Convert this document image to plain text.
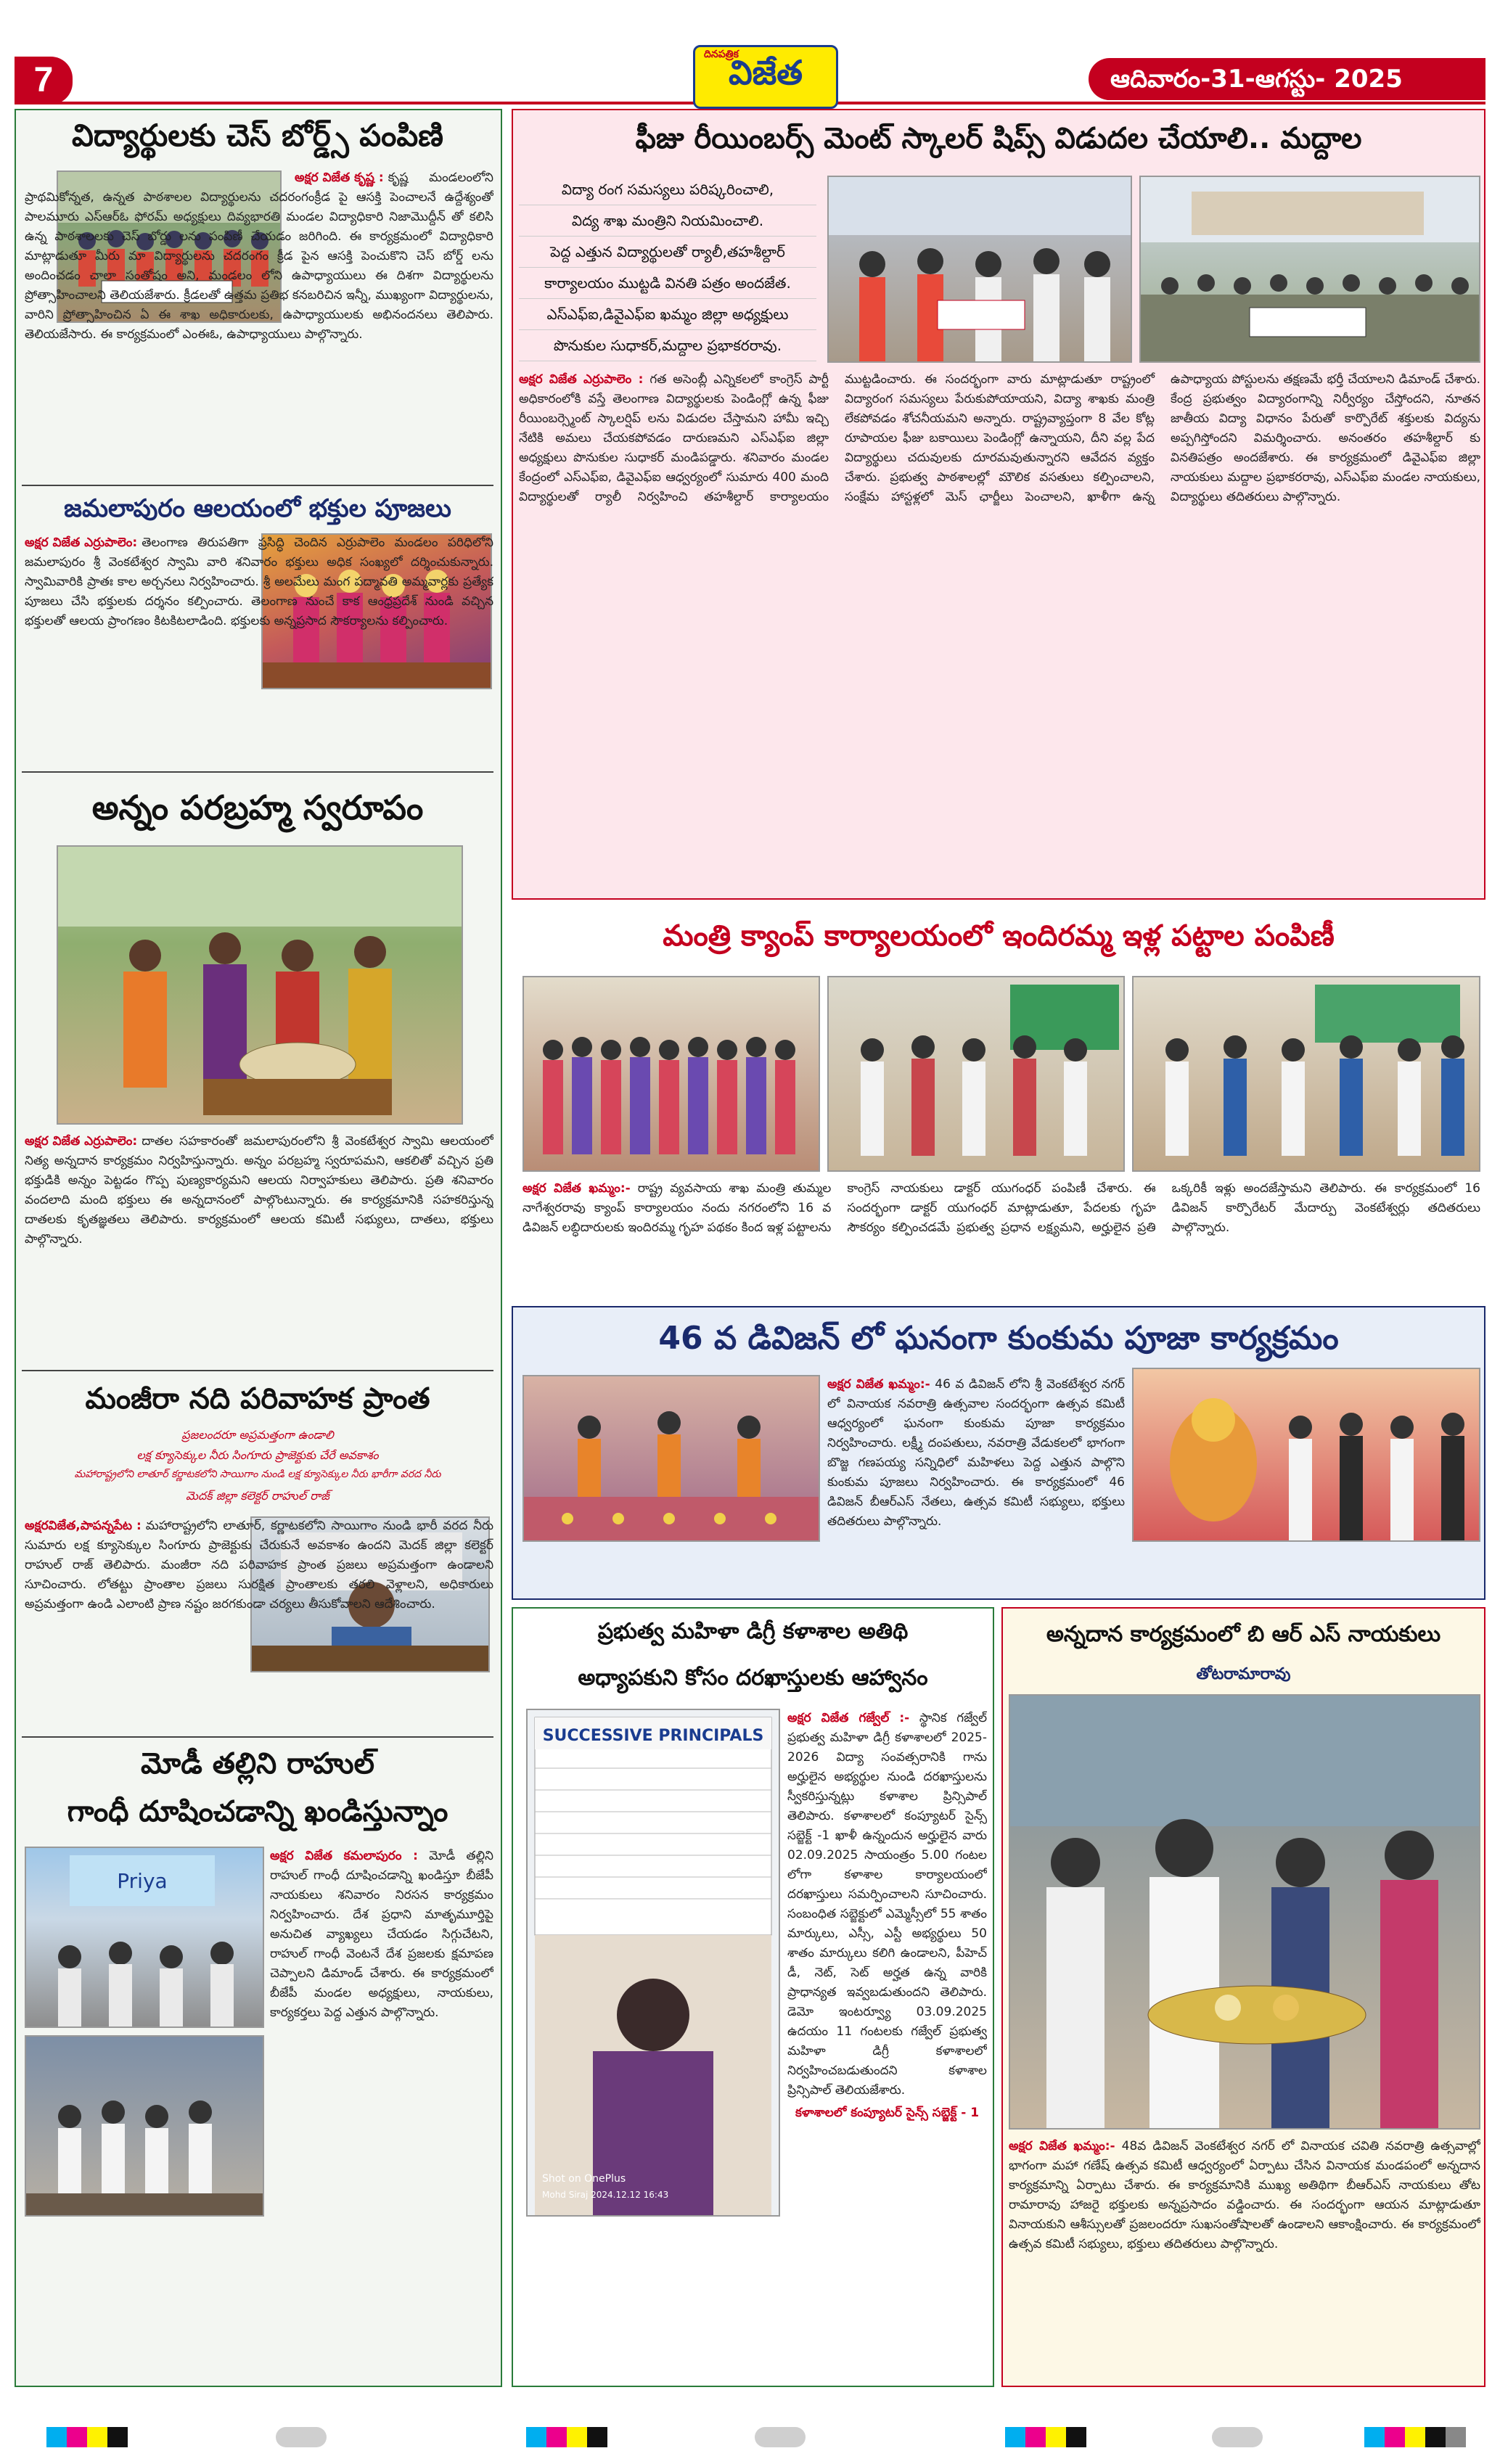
7
దినపత్రిక
విజేత	ఆదివారం-31-ఆగస్టు- 2025
విద్యార్థులకు చెస్ బోర్డ్స్ పంపిణి
అక్షర విజేత కృష్ణ : కృష్ణ మండలంలోని ప్రాథమికోన్నత, ఉన్నత పాఠశాలల విద్యార్థులను చదరంగంక్రీడ పై ఆసక్తి పెంచాలనే ఉద్దేశ్యంతో పాలమూరు ఎస్ఆర్ఓ ఫోరమ్ అధ్యక్షులు దివ్యభారతి మండల విద్యాధికారి నిజామొద్దీన్ తో కలిసి ఉన్న పాఠశాలలకు చెస్ బోర్డు లను పంపిణీ చేయడం జరిగింది. ఈ కార్యక్రమంలో విద్యాధికారి మాట్లాడుతూ మీరు మా విద్యార్థులను చదరంగం క్రీడ పైన ఆసక్తి పెంచుకొని చెస్ బోర్డ్ లను అందించడం చాలా సంతోషం అని, మండలం లోని ఉపాధ్యాయులు ఈ దిశగా విద్యార్థులను ప్రోత్సాహించాలని తెలియజేశారు. క్రీడలతో ఉత్తమ ప్రతిభ కనబరిచిన ఇన్నీ, ముఖ్యంగా విద్యార్థులను, వారిని ప్రోత్సాహించిన ఏ ఈ శాఖ అధికారులకు, ఉపాధ్యాయులకు అభినందనలు తెలిపారు. తెలియజేసారు. ఈ కార్యక్రమంలో ఎంఈఓ, ఉపాధ్యాయులు పాల్గొన్నారు.
జమలాపురం ఆలయంలో భక్తుల పూజలు
అక్షర విజేత ఎర్రుపాలెం: తెలంగాణ తిరుపతిగా ప్రసిద్ధి చెందిన ఎర్రుపాలెం మండలం పరిధిలోని జమలాపురం శ్రీ వెంకటేశ్వర స్వామి వారి శనివారం భక్తులు అధిక సంఖ్యలో దర్శించుకున్నారు. స్వామివారికి ప్రాతః కాల అర్చనలు నిర్వహించారు. శ్రీ అలమేలు మంగ పద్మావతి అమ్మవార్లకు ప్రత్యేక పూజలు చేసి భక్తులకు దర్శనం కల్పించారు. తెలంగాణ నుంచే కాక ఆంధ్రప్రదేశ్ నుండి వచ్చిన భక్తులతో ఆలయ ప్రాంగణం కిటకిటలాడింది. భక్తులకు అన్నప్రసాద సౌకర్యాలను కల్పించారు.
అన్నం పరబ్రహ్మ స్వరూపం
అక్షర విజేత ఎర్రుపాలెం: దాతల సహకారంతో జమలాపురంలోని శ్రీ వెంకటేశ్వర స్వామి ఆలయంలో నిత్య అన్నదాన కార్యక్రమం నిర్వహిస్తున్నారు. అన్నం పరబ్రహ్మ స్వరూపమని, ఆకలితో వచ్చిన ప్రతి భక్తుడికి అన్నం పెట్టడం గొప్ప పుణ్యకార్యమని ఆలయ నిర్వాహకులు తెలిపారు. ప్రతి శనివారం వందలాది మంది భక్తులు ఈ అన్నదానంలో పాల్గొంటున్నారు. ఈ కార్యక్రమానికి సహకరిస్తున్న దాతలకు కృతజ్ఞతలు తెలిపారు. కార్యక్రమంలో ఆలయ కమిటీ సభ్యులు, దాతలు, భక్తులు పాల్గొన్నారు.
మంజీరా నది పరివాహక ప్రాంత
ప్రజలందరూ అప్రమత్తంగా ఉండాలి
లక్ష క్యూసెక్కుల నీరు సింగూరు ప్రాజెక్టుకు చేరే అవకాశం
మహారాష్ట్రలోని లాతూర్ కర్ణాటకలోని సాయిగాం నుండి లక్ష క్యూసెక్కుల నీరు భారీగా వరద నీరు
మెదక్ జిల్లా కలెక్టర్ రాహుల్ రాజ్
అక్షరవిజేత,పాపన్నపేట : మహారాష్ట్రలోని లాతూర్, కర్ణాటకలోని సాయిగాం నుండి భారీ వరద నీరు సుమారు లక్ష క్యూసెక్కుల సింగూరు ప్రాజెక్టుకు చేరుకునే అవకాశం ఉందని మెదక్ జిల్లా కలెక్టర్ రాహుల్ రాజ్ తెలిపారు. మంజీరా నది పరివాహక ప్రాంత ప్రజలు అప్రమత్తంగా ఉండాలని సూచించారు. లోతట్టు ప్రాంతాల ప్రజలు సురక్షిత ప్రాంతాలకు తరలి వెళ్లాలని, అధికారులు అప్రమత్తంగా ఉండి ఎలాంటి ప్రాణ నష్టం జరగకుండా చర్యలు తీసుకోవాలని ఆదేశించారు.
మోడీ తల్లిని రాహుల్
గాంధీ దూషించడాన్ని ఖండిస్తున్నాం
Priya
అక్షర విజేత కమలాపురం : మోడీ తల్లిని రాహుల్ గాంధీ దూషించడాన్ని ఖండిస్తూ బీజేపీ నాయకులు శనివారం నిరసన కార్యక్రమం నిర్వహించారు. దేశ ప్రధాని మాతృమూర్తిపై అనుచిత వ్యాఖ్యలు చేయడం సిగ్గుచేటని, రాహుల్ గాంధీ వెంటనే దేశ ప్రజలకు క్షమాపణ చెప్పాలని డిమాండ్ చేశారు. ఈ కార్యక్రమంలో బీజేపీ మండల అధ్యక్షులు, నాయకులు, కార్యకర్తలు పెద్ద ఎత్తున పాల్గొన్నారు.
ఫీజు రీయింబర్స్ మెంట్ స్కాలర్ షిప్స్ విడుదల చేయాలి.. మద్దాల
విద్యా రంగ సమస్యలు పరిష్కరించాలి,
విద్య శాఖ మంత్రిని నియమించాలి.
పెద్ద ఎత్తున విద్యార్థులతో ర్యాలీ,తహశీల్దార్
కార్యాలయం ముట్టడి వినతి పత్రం అందజేత.
ఎస్ఎఫ్ఐ,డివైఎఫ్ఐ ఖమ్మం జిల్లా అధ్యక్షులు
పొనుకుల సుధాకర్,మద్దాల ప్రభాకరరావు.
అక్షర విజేత ఎర్రుపాలెం : గత అసెంబ్లీ ఎన్నికలలో కాంగ్రెస్ పార్టీ అధికారంలోకి వస్తే తెలంగాణ విద్యార్థులకు పెండింగ్లో ఉన్న ఫీజు రీయింబర్స్మెంట్ స్కాలర్షిప్ లను విడుదల చేస్తామని హామీ ఇచ్చి నేటికి అమలు చేయకపోవడం దారుణమని ఎస్ఎఫ్ఐ జిల్లా అధ్యక్షులు పొనుకుల సుధాకర్ మండిపడ్డారు. శనివారం మండల కేంద్రంలో ఎస్ఎఫ్ఐ, డివైఎఫ్ఐ ఆధ్వర్యంలో సుమారు 400 మంది విద్యార్థులతో ర్యాలీ నిర్వహించి తహశీల్దార్ కార్యాలయం ముట్టడించారు. ఈ సందర్భంగా వారు మాట్లాడుతూ రాష్ట్రంలో విద్యారంగ సమస్యలు పేరుకుపోయాయని, విద్యా శాఖకు మంత్రి లేకపోవడం శోచనీయమని అన్నారు. రాష్ట్రవ్యాప్తంగా 8 వేల కోట్ల రూపాయల ఫీజు బకాయిలు పెండింగ్లో ఉన్నాయని, దీని వల్ల పేద విద్యార్థులు చదువులకు దూరమవుతున్నారని ఆవేదన వ్యక్తం చేశారు. ప్రభుత్వ పాఠశాలల్లో మౌలిక వసతులు కల్పించాలని, సంక్షేమ హాస్టళ్లలో మెస్ ఛార్జీలు పెంచాలని, ఖాళీగా ఉన్న ఉపాధ్యాయ పోస్టులను తక్షణమే భర్తీ చేయాలని డిమాండ్ చేశారు. కేంద్ర ప్రభుత్వం విద్యారంగాన్ని నిర్వీర్యం చేస్తోందని, నూతన జాతీయ విద్యా విధానం పేరుతో కార్పొరేట్ శక్తులకు విద్యను అప్పగిస్తోందని విమర్శించారు. అనంతరం తహశీల్దార్ కు వినతిపత్రం అందజేశారు. ఈ కార్యక్రమంలో డివైఎఫ్ఐ జిల్లా నాయకులు మద్దాల ప్రభాకరరావు, ఎస్ఎఫ్ఐ మండల నాయకులు, విద్యార్థులు తదితరులు పాల్గొన్నారు.
మంత్రి క్యాంప్ కార్యాలయంలో ఇందిరమ్మ ఇళ్ల పట్టాల పంపిణీ
అక్షర విజేత ఖమ్మం:- రాష్ట్ర వ్యవసాయ శాఖ మంత్రి తుమ్మల నాగేశ్వరరావు క్యాంప్ కార్యాలయం నందు నగరంలోని 16 వ డివిజన్ లబ్ధిదారులకు ఇందిరమ్మ గృహ పథకం కింద ఇళ్ల పట్టాలను కాంగ్రెస్ నాయకులు డాక్టర్ యుగంధర్ పంపిణీ చేశారు. ఈ సందర్భంగా డాక్టర్ యుగంధర్ మాట్లాడుతూ, పేదలకు గృహ సౌకర్యం కల్పించడమే ప్రభుత్వ ప్రధాన లక్ష్యమని, అర్హులైన ప్రతి ఒక్కరికీ ఇళ్లు అందజేస్తామని తెలిపారు. ఈ కార్యక్రమంలో 16 డివిజన్ కార్పొరేటర్ మేదార్పు వెంకటేశ్వర్లు తదితరులు పాల్గొన్నారు.
46 వ డివిజన్ లో ఘనంగా కుంకుమ పూజా కార్యక్రమం
అక్షర విజేత ఖమ్మం:- 46 వ డివిజన్ లోని శ్రీ వెంకటేశ్వర నగర్ లో వినాయక నవరాత్రి ఉత్సవాల సందర్భంగా ఉత్సవ కమిటీ ఆధ్వర్యంలో ఘనంగా కుంకుమ పూజా కార్యక్రమం నిర్వహించారు. లక్ష్మీ దంపతులు, నవరాత్రి వేడుకలలో భాగంగా బొజ్జ గణపయ్య సన్నిధిలో మహిళలు పెద్ద ఎత్తున పాల్గొని కుంకుమ పూజలు నిర్వహించారు. ఈ కార్యక్రమంలో 46 డివిజన్ బీఆర్ఎస్ నేతలు, ఉత్సవ కమిటీ సభ్యులు, భక్తులు తదితరులు పాల్గొన్నారు.
ప్రభుత్వ మహిళా డిగ్రీ కళాశాల అతిథి
అధ్యాపకుని కోసం దరఖాస్తులకు ఆహ్వానం
SUCCESSIVE PRINCIPALS
Shot on OnePlus
Mohd Siraj 2024.12.12 16:43
అక్షర విజేత గజ్వేల్ :- స్థానిక గజ్వేల్ ప్రభుత్వ మహిళా డిగ్రీ కళాశాలలో 2025-2026 విద్యా సంవత్సరానికి గాను అర్హులైన అభ్యర్థుల నుండి దరఖాస్తులను స్వీకరిస్తున్నట్లు కళాశాల ప్రిన్సిపాల్ తెలిపారు. కళాశాలలో కంప్యూటర్ సైన్స్ సబ్జెక్ట్ -1 ఖాళీ ఉన్నందున అర్హులైన వారు 02.09.2025 సాయంత్రం 5.00 గంటల లోగా కళాశాల కార్యాలయంలో దరఖాస్తులు సమర్పించాలని సూచించారు. సంబంధిత సబ్జెక్టులో ఎమ్మెస్సీలో 55 శాతం మార్కులు, ఎస్సీ, ఎస్టీ అభ్యర్థులు 50 శాతం మార్కులు కలిగి ఉండాలని, పీహెచ్ డీ, నెట్, సెట్ అర్హత ఉన్న వారికి ప్రాధాన్యత ఇవ్వబడుతుందని తెలిపారు. డెమో ఇంటర్వ్యూ 03.09.2025 ఉదయం 11 గంటలకు గజ్వేల్ ప్రభుత్వ మహిళా డిగ్రీ కళాశాలలో నిర్వహించబడుతుందని కళాశాల ప్రిన్సిపాల్ తెలియజేశారు.
కళాశాలలో కంప్యూటర్ సైన్స్ సబ్జెక్ట్ - 1
అన్నదాన కార్యక్రమంలో బి ఆర్ ఎస్ నాయకులు
తోటరామారావు
అక్షర విజేత ఖమ్మం:- 48వ డివిజన్ వెంకటేశ్వర నగర్ లో వినాయక చవితి నవరాత్రి ఉత్సవాల్లో భాగంగా మహా గణేష్ ఉత్సవ కమిటీ ఆధ్వర్యంలో ఏర్పాటు చేసిన వినాయక మండపంలో అన్నదాన కార్యక్రమాన్ని ఏర్పాటు చేశారు. ఈ కార్యక్రమానికి ముఖ్య అతిథిగా బీఆర్ఎస్ నాయకులు తోట రామారావు హాజరై భక్తులకు అన్నప్రసాదం వడ్డించారు. ఈ సందర్భంగా ఆయన మాట్లాడుతూ వినాయకుని ఆశీస్సులతో ప్రజలందరూ సుఖసంతోషాలతో ఉండాలని ఆకాంక్షించారు. ఈ కార్యక్రమంలో ఉత్సవ కమిటీ సభ్యులు, భక్తులు తదితరులు పాల్గొన్నారు.
